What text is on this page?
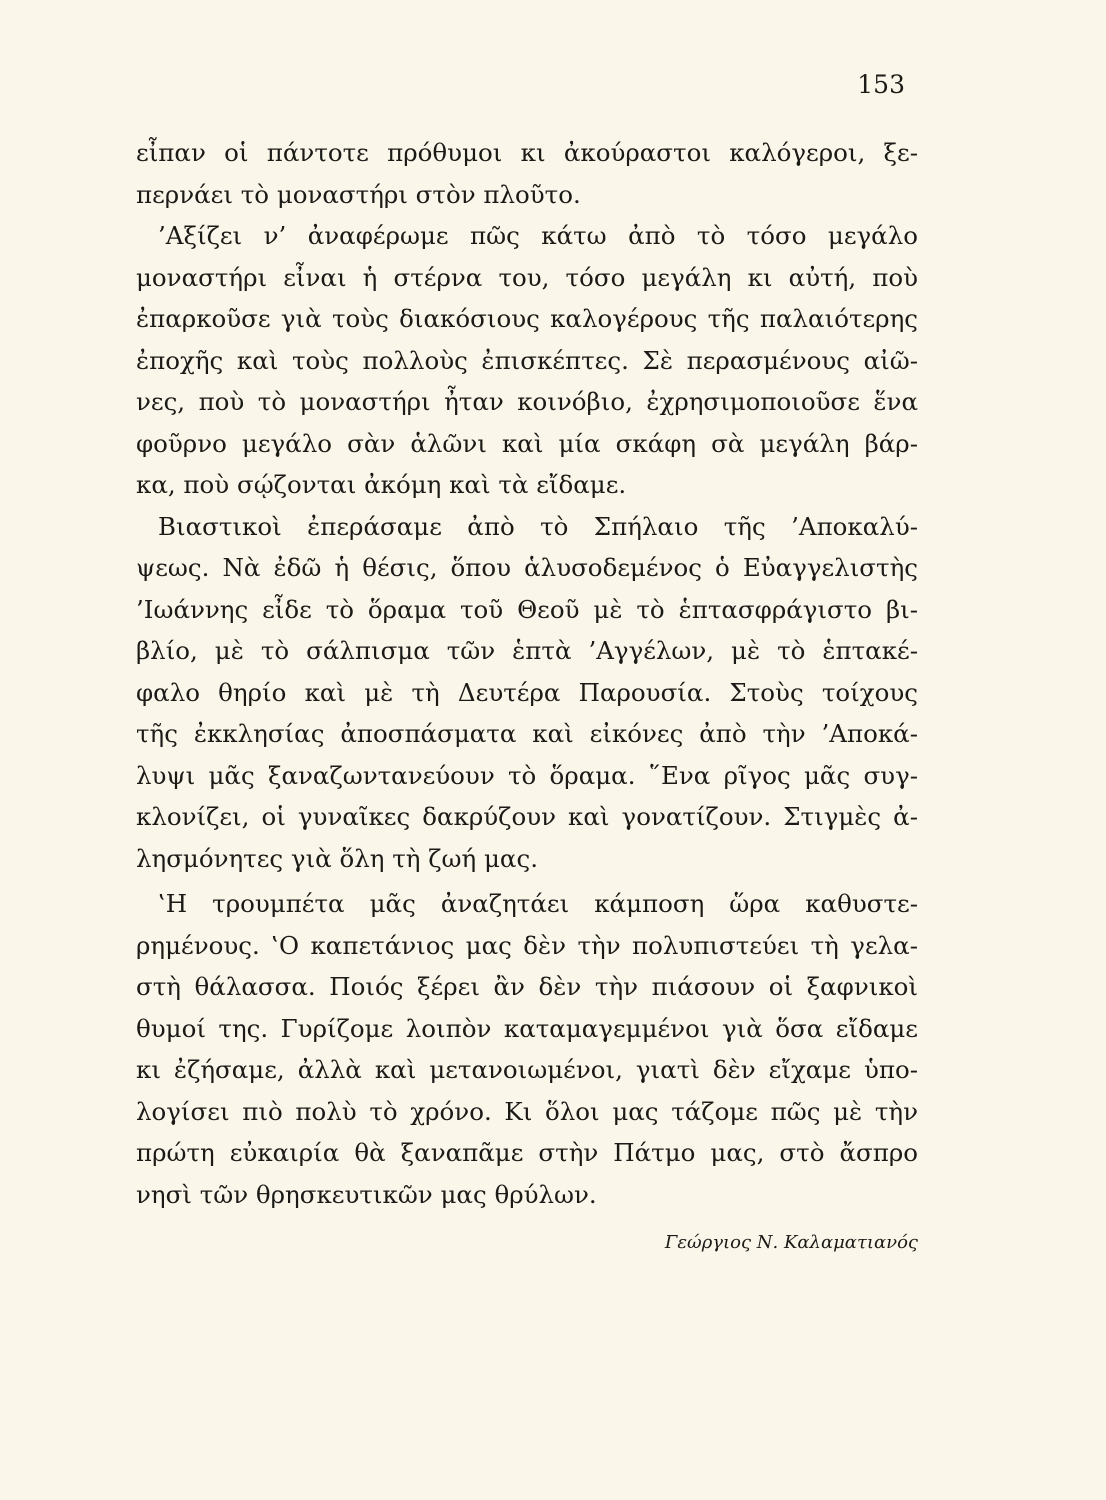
153
εἶπαν οἱ πάντοτε πρόθυμοι κι ἀκούραστοι καλόγεροι, ξε-
περνάει τὸ μοναστήρι στὸν πλοῦτο.
’Αξίζει ν’ ἀναφέρωμε πῶς κάτω ἀπὸ τὸ τόσο μεγάλο
μοναστήρι εἶναι ἡ στέρνα του, τόσο μεγάλη κι αὐτή, ποὺ
ἐπαρκοῦσε γιὰ τοὺς διακόσιους καλογέρους τῆς παλαιότερης
ἐποχῆς καὶ τοὺς πολλοὺς ἐπισκέπτες. Σὲ περασμένους αἰῶ-
νες, ποὺ τὸ μοναστήρι ἦταν κοινόβιο, ἐχρησιμοποιοῦσε ἕνα
φοῦρνο μεγάλο σὰν ἁλῶνι καὶ μία σκάφη σὰ μεγάλη βάρ-
κα, ποὺ σῴζονται ἀκόμη καὶ τὰ εἴδαμε.
Βιαστικοὶ ἐπεράσαμε ἀπὸ τὸ Σπήλαιο τῆς ’Αποκαλύ-
ψεως. Νὰ ἐδῶ ἡ θέσις, ὅπου ἁλυσοδεμένος ὁ Εὐαγγελιστὴς
’Ιωάννης εἶδε τὸ ὅραμα τοῦ Θεοῦ μὲ τὸ ἑπτασφράγιστο βι-
βλίο, μὲ τὸ σάλπισμα τῶν ἑπτὰ ’Αγγέλων, μὲ τὸ ἑπτακέ-
φαλο θηρίο καὶ μὲ τὴ Δευτέρα Παρουσία. Στοὺς τοίχους
τῆς ἐκκλησίας ἀποσπάσματα καὶ εἰκόνες ἀπὸ τὴν ’Αποκά-
λυψι μᾶς ξαναζωντανεύουν τὸ ὅραμα. ῞Ενα ρῖγος μᾶς συγ-
κλονίζει, οἱ γυναῖκες δακρύζουν καὶ γονατίζουν. Στιγμὲς ἀ-
λησμόνητες γιὰ ὅλη τὴ ζωή μας.
‛Η τρουμπέτα μᾶς ἀναζητάει κάμποση ὥρα καθυστε-
ρημένους. ‛Ο καπετάνιος μας δὲν τὴν πολυπιστεύει τὴ γελα-
στὴ θάλασσα. Ποιός ξέρει ἂν δὲν τὴν πιάσουν οἱ ξαφνικοὶ
θυμοί της. Γυρίζομε λοιπὸν καταμαγεμμένοι γιὰ ὅσα εἴδαμε
κι ἐζήσαμε, ἀλλὰ καὶ μετανοιωμένοι, γιατὶ δὲν εἴχαμε ὑπο-
λογίσει πιὸ πολὺ τὸ χρόνο. Κι ὅλοι μας τάζομε πῶς μὲ τὴν
πρώτη εὐκαιρία θὰ ξαναπᾶμε στὴν Πάτμο μας, στὸ ἄσπρο
νησὶ τῶν θρησκευτικῶν μας θρύλων.
Γεώργιος Ν. Καλαματιανός
